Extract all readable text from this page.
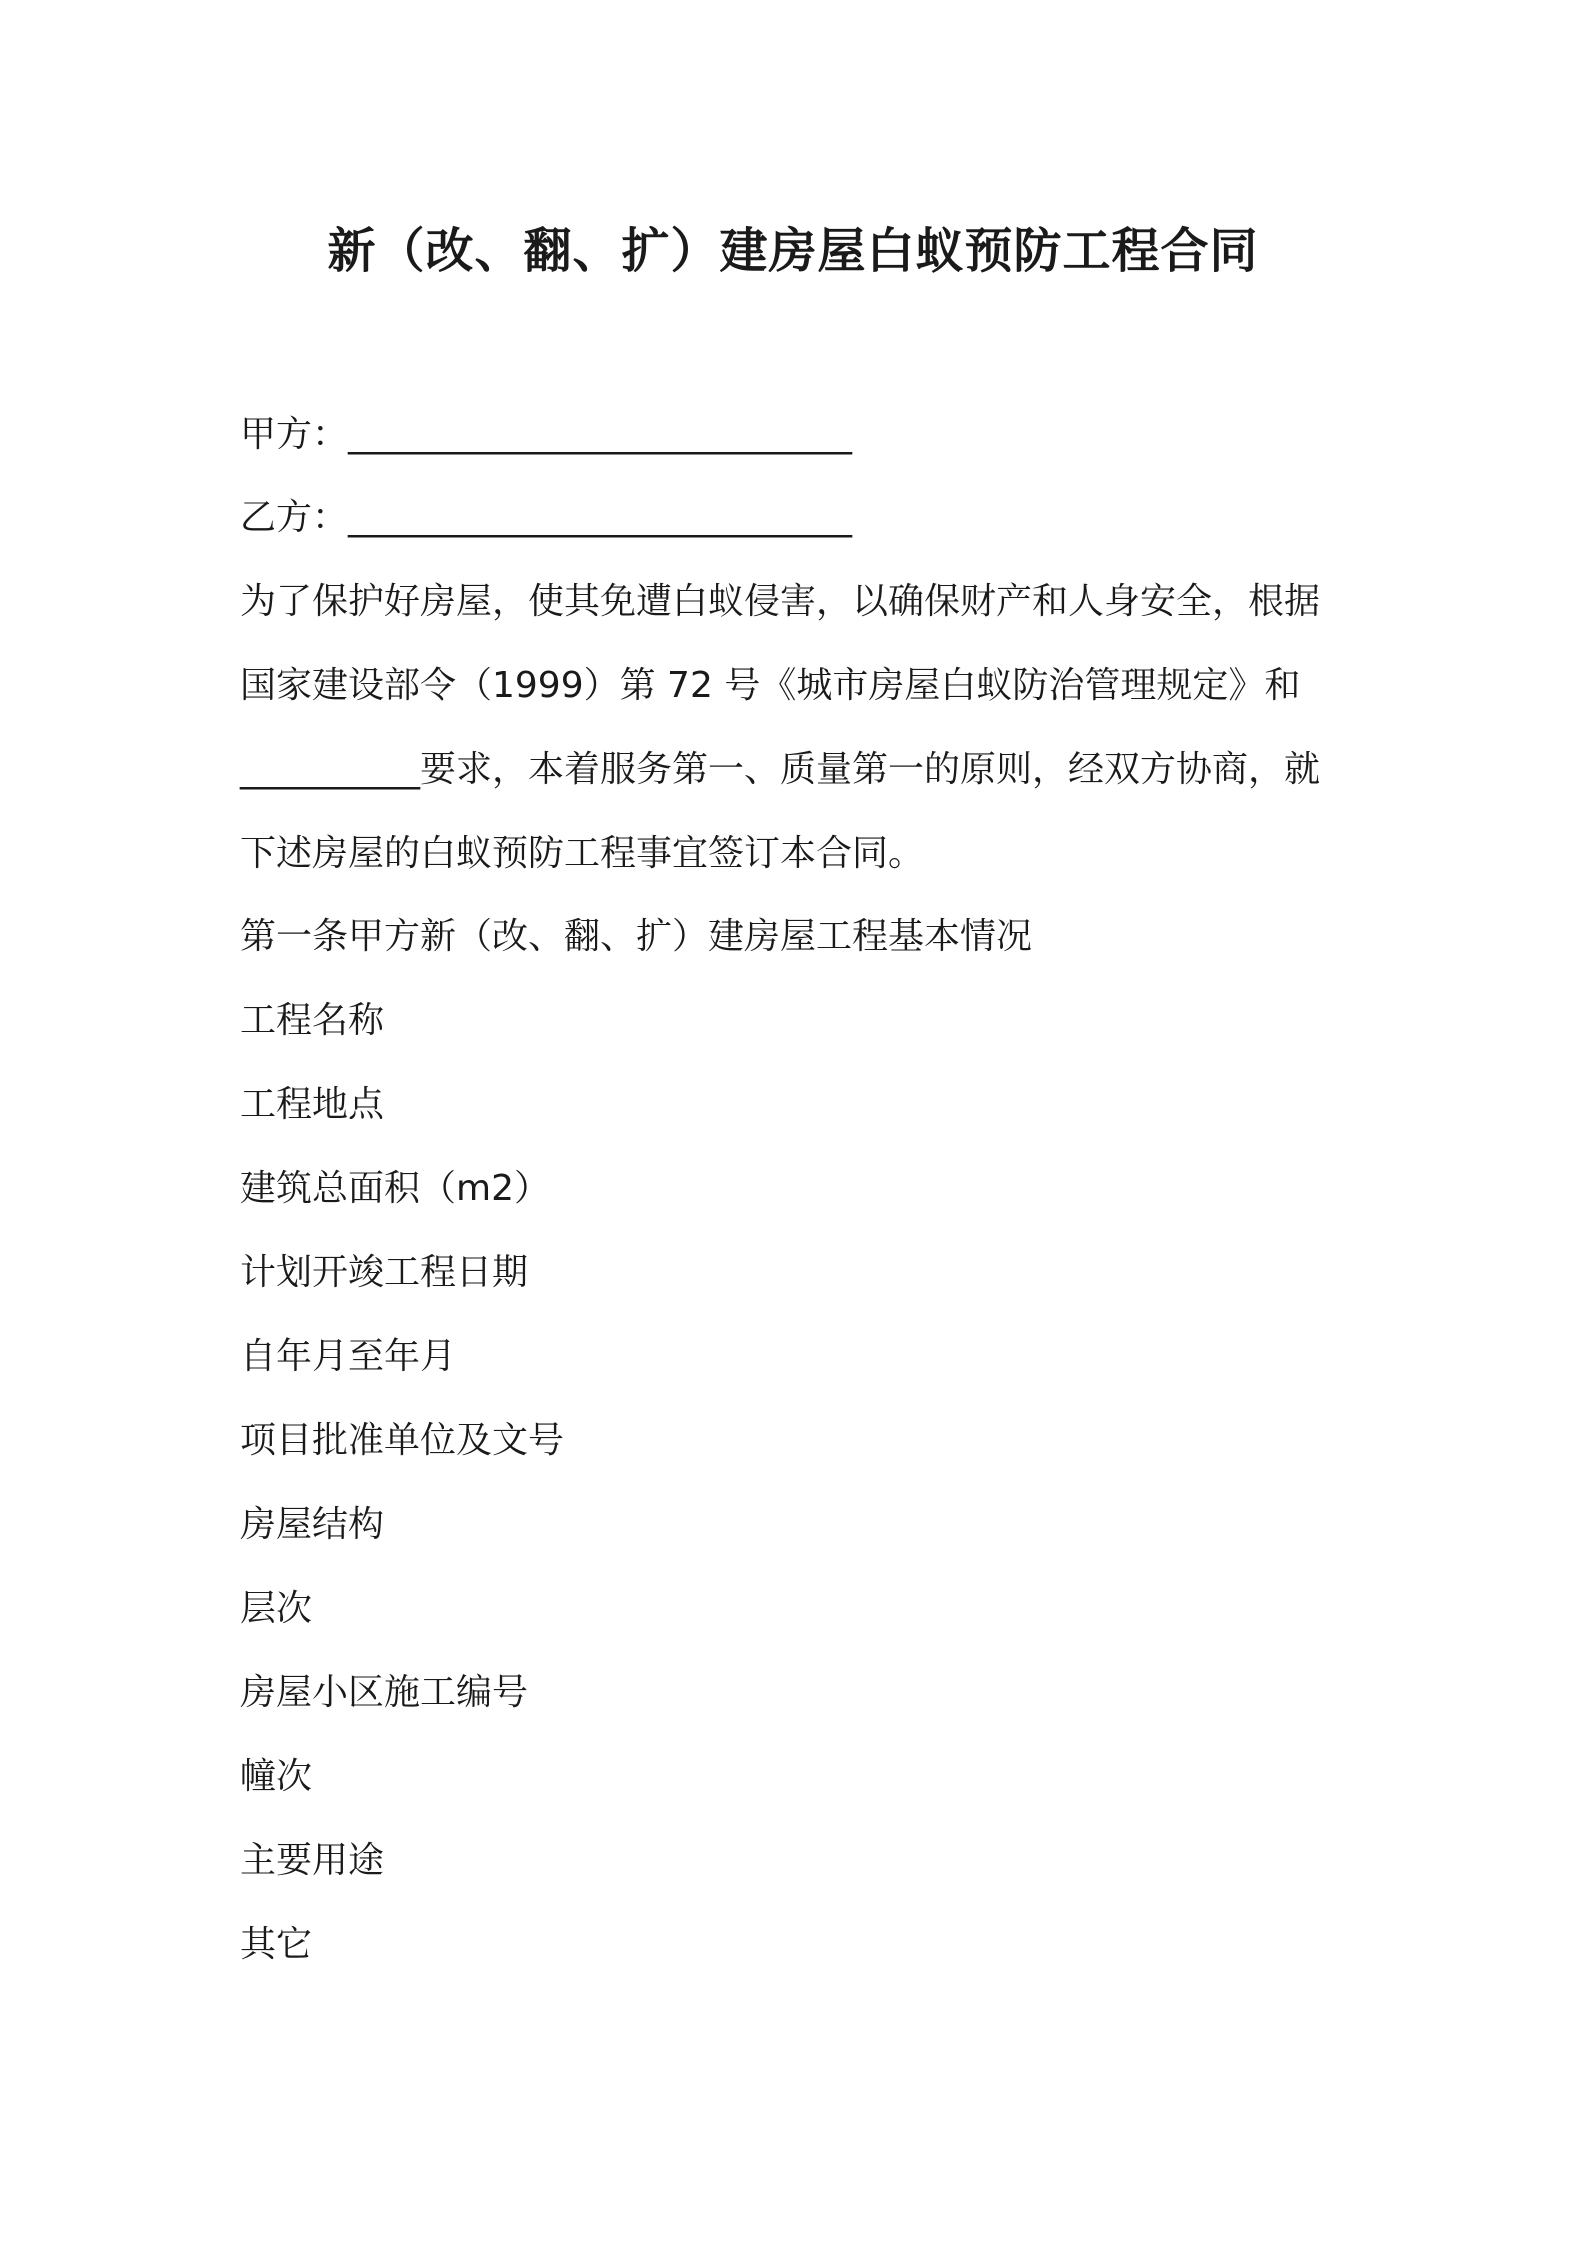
新（改、翻、扩）建房屋白蚁预防工程合同
甲方：____________________________
乙方：____________________________
为了保护好房屋，使其免遭白蚁侵害，以确保财产和人身安全，根据
国家建设部令（1999）第 72 号《城市房屋白蚁防治管理规定》和
__________要求，本着服务第一、质量第一的原则，经双方协商，就
下述房屋的白蚁预防工程事宜签订本合同。
第一条甲方新（改、翻、扩）建房屋工程基本情况
工程名称
工程地点
建筑总面积（m2）
计划开竣工程日期
自年月至年月
项目批准单位及文号
房屋结构
层次
房屋小区施工编号
幢次
主要用途
其它
